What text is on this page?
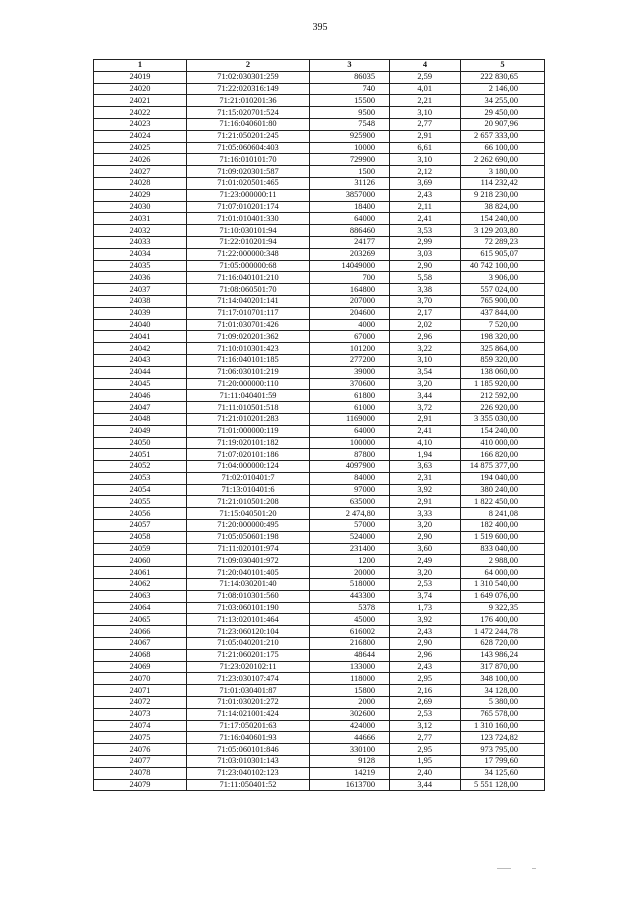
395
1	2	3	4	5
24019	71:02:030301:259	86035	2,59	222 830,65
24020	71:22:020316:149	740	4,01	2 146,00
24021	71:21:010201:36	15500	2,21	34 255,00
24022	71:15:020701:524	9500	3,10	29 450,00
24023	71:16:040601:80	7548	2,77	20 907,96
24024	71:21:050201:245	925900	2,91	2 657 333,00
24025	71:05:060604:403	10000	6,61	66 100,00
24026	71:16:010101:70	729900	3,10	2 262 690,00
24027	71:09:020301:587	1500	2,12	3 180,00
24028	71:01:020501:465	31126	3,69	114 232,42
24029	71:23:000000:11	3857000	2,43	9 218 230,00
24030	71:07:010201:174	18400	2,11	38 824,00
24031	71:01:010401:330	64000	2,41	154 240,00
24032	71:10:030101:94	886460	3,53	3 129 203,80
24033	71:22:010201:94	24177	2,99	72 289,23
24034	71:22:000000:348	203269	3,03	615 905,07
24035	71:05:000000:68	14049000	2,90	40 742 100,00
24036	71:16:040101:210	700	5,58	3 906,00
24037	71:08:060501:70	164800	3,38	557 024,00
24038	71:14:040201:141	207000	3,70	765 900,00
24039	71:17:010701:117	204600	2,17	437 844,00
24040	71:01:030701:426	4000	2,02	7 520,00
24041	71:09:020201:362	67000	2,96	198 320,00
24042	71:10:010301:423	101200	3,22	325 864,00
24043	71:16:040101:185	277200	3,10	859 320,00
24044	71:06:030101:219	39000	3,54	138 060,00
24045	71:20:000000:110	370600	3,20	1 185 920,00
24046	71:11:040401:59	61800	3,44	212 592,00
24047	71:11:010501:518	61000	3,72	226 920,00
24048	71:21:010201:283	1169000	2,91	3 355 030,00
24049	71:01:000000:119	64000	2,41	154 240,00
24050	71:19:020101:182	100000	4,10	410 000,00
24051	71:07:020101:186	87800	1,94	166 820,00
24052	71:04:000000:124	4097900	3,63	14 875 377,00
24053	71:02:010401:7	84000	2,31	194 040,00
24054	71:13:010401:6	97000	3,92	380 240,00
24055	71:21:010501:208	635000	2,91	1 822 450,00
24056	71:15:040501:20	2 474,80	3,33	8 241,08
24057	71:20:000000:495	57000	3,20	182 400,00
24058	71:05:050601:198	524000	2,90	1 519 600,00
24059	71:11:020101:974	231400	3,60	833 040,00
24060	71:09:030401:972	1200	2,49	2 988,00
24061	71:20:040101:405	20000	3,20	64 000,00
24062	71:14:030201:40	518000	2,53	1 310 540,00
24063	71:08:010301:560	443300	3,74	1 649 076,00
24064	71:03:060101:190	5378	1,73	9 322,35
24065	71:13:020101:464	45000	3,92	176 400,00
24066	71:23:060120:104	616002	2,43	1 472 244,78
24067	71:05:040201:210	216800	2,90	628 720,00
24068	71:21:060201:175	48644	2,96	143 986,24
24069	71:23:020102:11	133000	2,43	317 870,00
24070	71:23:030107:474	118000	2,95	348 100,00
24071	71:01:030401:87	15800	2,16	34 128,00
24072	71:01:030201:272	2000	2,69	5 380,00
24073	71:14:021001:424	302600	2,53	765 578,00
24074	71:17:050201:63	424000	3,12	1 310 160,00
24075	71:16:040601:93	44666	2,77	123 724,82
24076	71:05:060101:846	330100	2,95	973 795,00
24077	71:03:010301:143	9128	1,95	17 799,60
24078	71:23:040102:123	14219	2,40	34 125,60
24079	71:11:050401:52	1613700	3,44	5 551 128,00
